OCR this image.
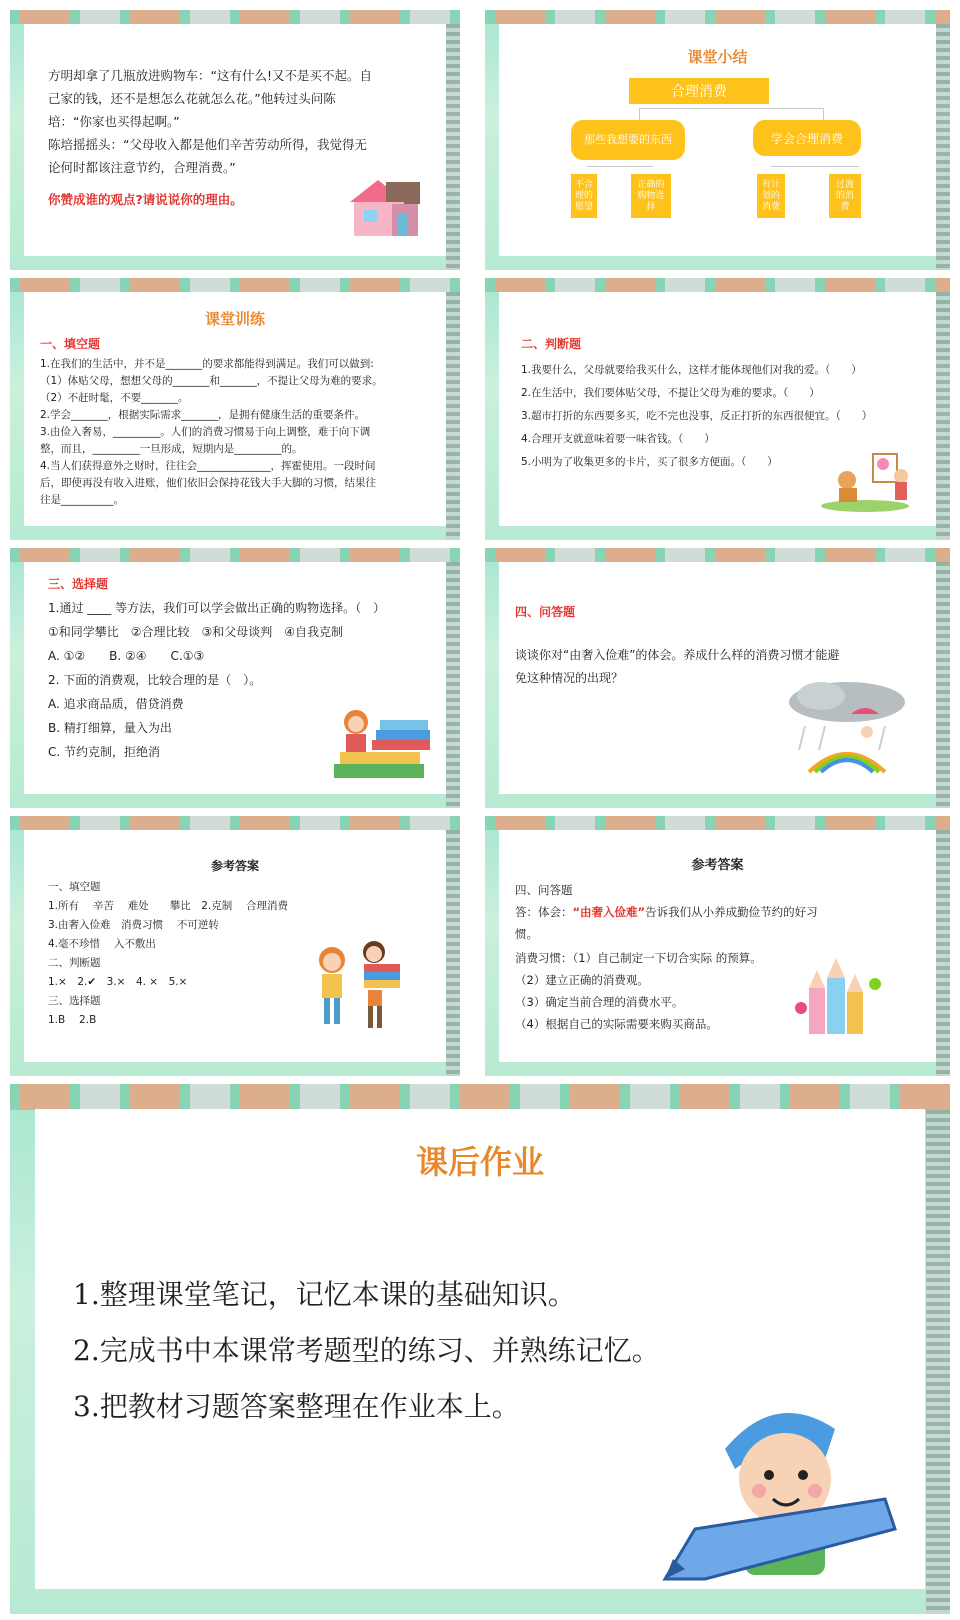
方明却拿了几瓶放进购物车：“这有什么!又不是买不起。自
己家的钱，还不是想怎么花就怎么花。”他转过头问陈
培：“你家也买得起啊。”
陈培摇摇头：“父母收入都是他们辛苦劳动所得，我觉得无
论何时都该注意节约，合理消费。”
你赞成谁的观点?请说说你的理由。
课堂小结
合理消费
那些我想要的东西	学会合理消费
不合理的愿望
正确的购物选择
有计划的消费
过渡的消费
课堂训练
一、填空题
1.在我们的生活中，并不是_______的要求都能得到满足。我们可以做到:
（1）体贴父母，想想父母的_______和_______，不提让父母为难的要求。
（2）不赶时髦，不要_______。
2.学会_______，根据实际需求_______，是拥有健康生活的重要条件。
3.由俭入奢易，_________。人们的消费习惯易于向上调整，难于向下调
整，而且，_________一旦形成，短期内是_________的。
4.当人们获得意外之财时，往往会______________，挥霍使用。一段时间
后，即使再没有收入进账，他们依旧会保持花钱大手大脚的习惯，结果往
往是__________。
二、判断题
1.我要什么，父母就要给我买什么，这样才能体现他们对我的爱。（　　）
2.在生活中，我们要体贴父母，不提让父母为难的要求。（　　）
3.超市打折的东西要多买，吃不完也没事，反正打折的东西很便宜。（　　）
4.合理开支就意味着要一味省钱。（　　）
5.小明为了收集更多的卡片，买了很多方便面。（　　）
三、选择题
1.通过 ____ 等方法，我们可以学会做出正确的购物选择。（　）
①和同学攀比　②合理比较　③和父母谈判　④自我克制
A. ①②　　B. ②④　　C.①③
2. 下面的消费观，比较合理的是（　）。
A. 追求商品质，借贷消费
B. 精打细算，量入为出
C. 节约克制，拒绝消
四、问答题
谈谈你对“由奢入俭难”的体会。养成什么样的消费习惯才能避
免这种情况的出现？
参考答案
一、填空题
1.所有　 辛苦　 难处　　攀比　2.克制　 合理消费
3.由奢入俭难　消费习惯　 不可逆转
4.毫不珍惜　 入不敷出
二、判断题
1.×　2.✔　3.×　4. ×　5.×
三、选择题
1.B　 2.B
参考答案
四、问答题
答：体会：“由奢入俭难”告诉我们从小养成勤俭节约的好习
惯。
消费习惯：（1）自己制定一下切合实际 的预算。
（2）建立正确的消费观。
（3）确定当前合理的消费水平。
（4）根据自己的实际需要来购买商品。
课后作业
1.整理课堂笔记，记忆本课的基础知识。
2.完成书中本课常考题型的练习、并熟练记忆。
3.把教材习题答案整理在作业本上。
